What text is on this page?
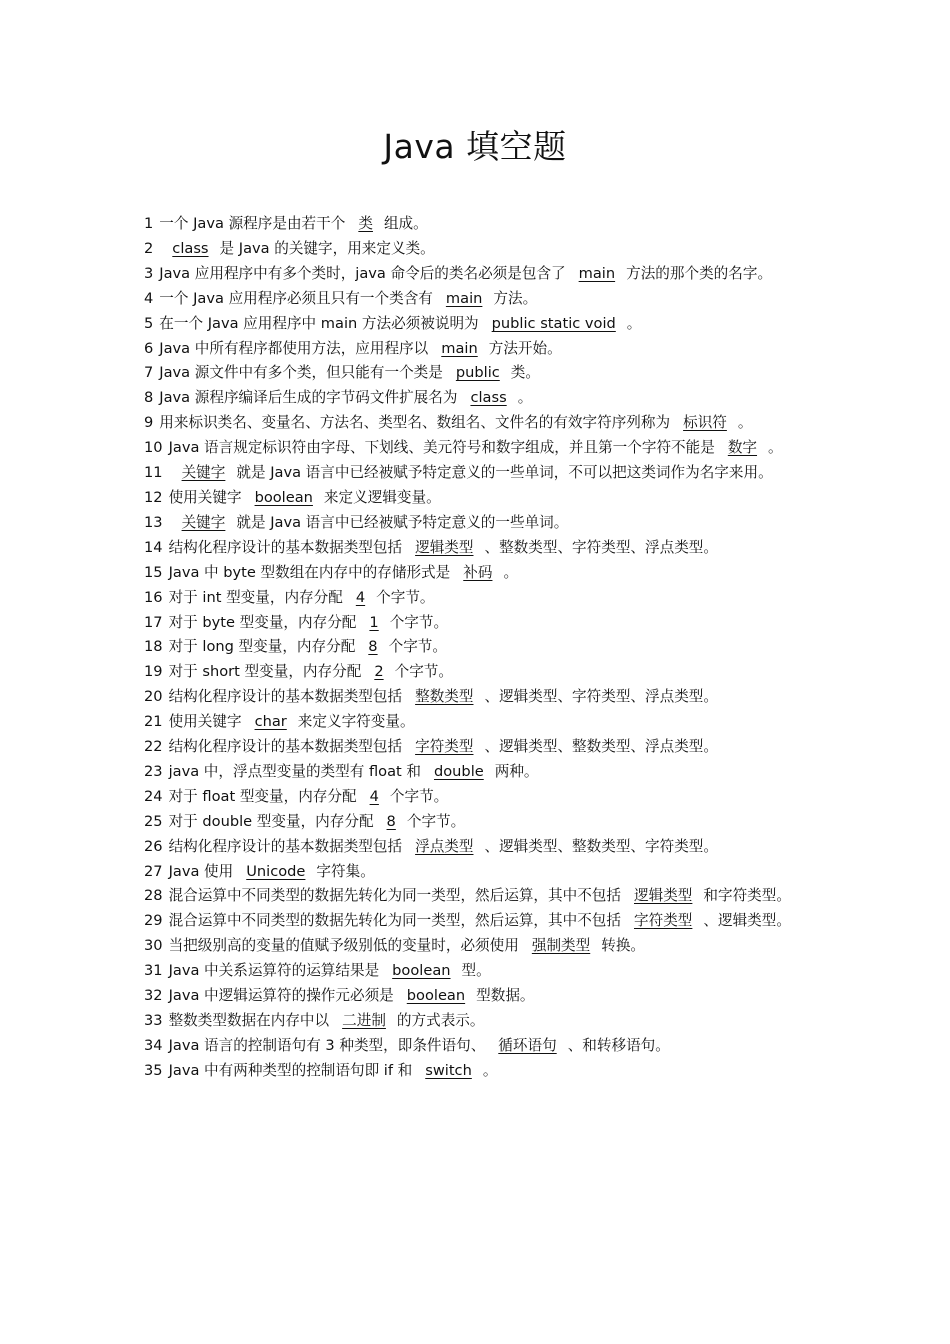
Java 填空题
1 一个 Java 源程序是由若干个 类 组成。
2 class 是 Java 的关键字，用来定义类。
3 Java 应用程序中有多个类时，java 命令后的类名必须是包含了 main 方法的那个类的名字。
4 一个 Java 应用程序必须且只有一个类含有 main 方法。
5 在一个 Java 应用程序中 main 方法必须被说明为 public static void 。
6 Java 中所有程序都使用方法，应用程序以 main 方法开始。
7 Java 源文件中有多个类，但只能有一个类是 public 类。
8 Java 源程序编译后生成的字节码文件扩展名为 class 。
9 用来标识类名、变量名、方法名、类型名、数组名、文件名的有效字符序列称为 标识符 。
10 Java 语言规定标识符由字母、下划线、美元符号和数字组成，并且第一个字符不能是 数字 。
11 关键字 就是 Java 语言中已经被赋予特定意义的一些单词，不可以把这类词作为名字来用。
12 使用关键字 boolean 来定义逻辑变量。
13 关键字 就是 Java 语言中已经被赋予特定意义的一些单词。
14 结构化程序设计的基本数据类型包括 逻辑类型 、整数类型、字符类型、浮点类型。
15 Java 中 byte 型数组在内存中的存储形式是 补码 。
16 对于 int 型变量，内存分配 4 个字节。
17 对于 byte 型变量，内存分配 1 个字节。
18 对于 long 型变量，内存分配 8 个字节。
19 对于 short 型变量，内存分配 2 个字节。
20 结构化程序设计的基本数据类型包括 整数类型 、逻辑类型、字符类型、浮点类型。
21 使用关键字 char 来定义字符变量。
22 结构化程序设计的基本数据类型包括 字符类型 、逻辑类型、整数类型、浮点类型。
23 java 中，浮点型变量的类型有 float 和 double 两种。
24 对于 float 型变量，内存分配 4 个字节。
25 对于 double 型变量，内存分配 8 个字节。
26 结构化程序设计的基本数据类型包括 浮点类型 、逻辑类型、整数类型、字符类型。
27 Java 使用 Unicode 字符集。
28 混合运算中不同类型的数据先转化为同一类型，然后运算，其中不包括 逻辑类型 和字符类型。
29 混合运算中不同类型的数据先转化为同一类型，然后运算，其中不包括 字符类型 、逻辑类型。
30 当把级别高的变量的值赋予级别低的变量时，必须使用 强制类型 转换。
31 Java 中关系运算符的运算结果是 boolean 型。
32 Java 中逻辑运算符的操作元必须是 boolean 型数据。
33 整数类型数据在内存中以 二进制 的方式表示。
34 Java 语言的控制语句有 3 种类型，即条件语句、 循环语句 、和转移语句。
35 Java 中有两种类型的控制语句即 if 和 switch 。
